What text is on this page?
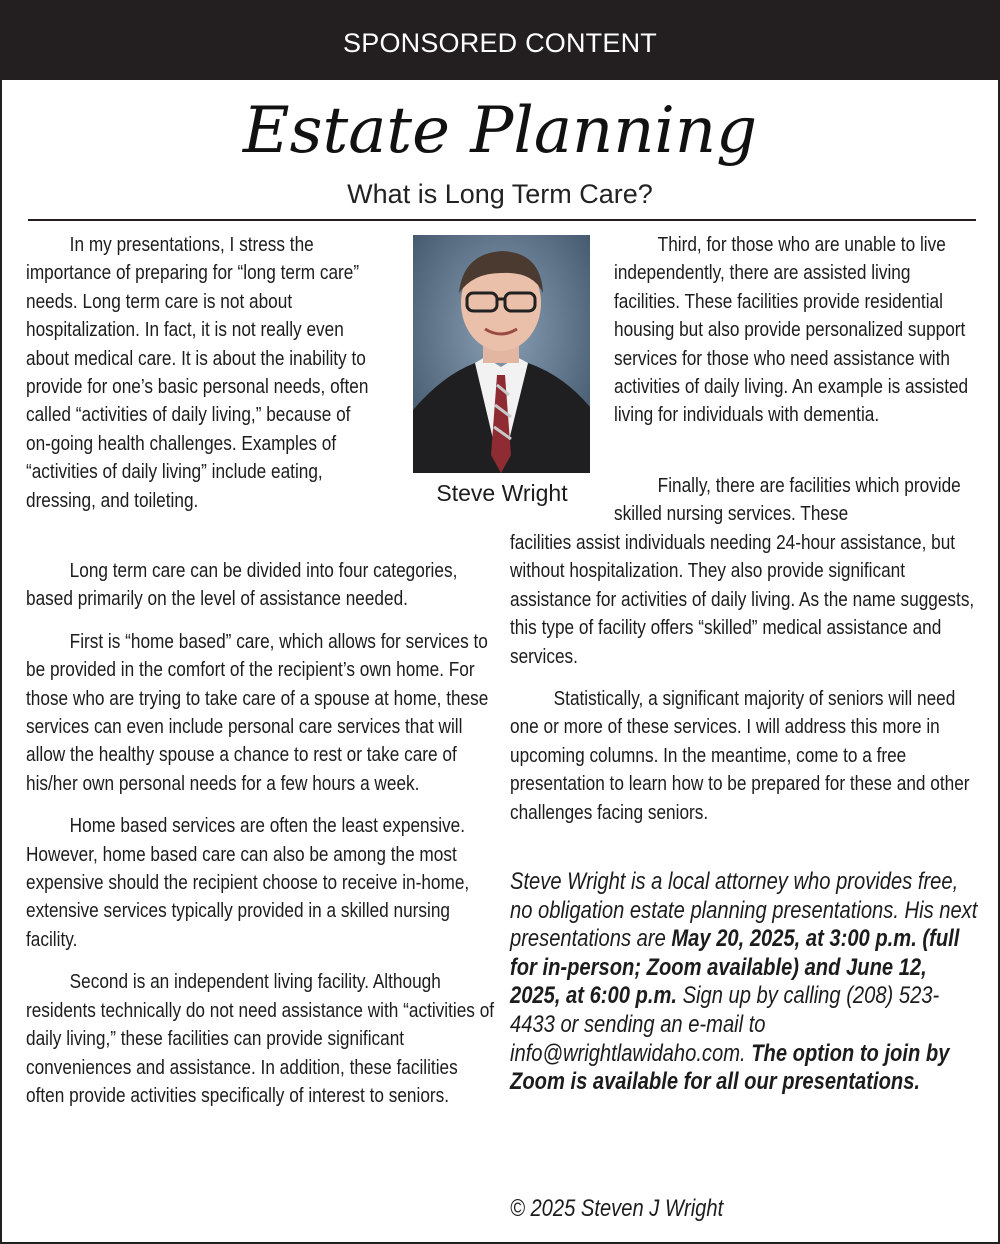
SPONSORED CONTENT
Estate Planning
What is Long Term Care?

In my presentations, I stress the importance of preparing for “long term care” needs. Long term care is not about hospitalization. In fact, it is not really even about medical care. It is about the inability to provide for one’s basic personal needs, often called “activities of daily living,” because of on-going health challenges. Examples of “activities of daily living” include eating, dressing, and toileting.

Long term care can be divided into four categories, based primarily on the level of assistance needed.

First is “home based” care, which allows for services to be provided in the comfort of the recipient’s own home. For those who are trying to take care of a spouse at home, these services can even include personal care services that will allow the healthy spouse a chance to rest or take care of his/her own personal needs for a few hours a week.

Home based services are often the least expensive. However, home based care can also be among the most expensive should the recipient choose to receive in-home, extensive services typically provided in a skilled nursing facility.

Second is an independent living facility. Although residents technically do not need assistance with “activities of daily living,” these facilities can provide significant conveniences and assistance. In addition, these facilities often provide activities specifically of interest to seniors.

Steve Wright

Third, for those who are unable to live independently, there are assisted living facilities. These facilities provide residential housing but also provide personalized support services for those who need assistance with activities of daily living. An example is assisted living for individuals with dementia.

Finally, there are facilities which provide skilled nursing services. These

facilities assist individuals needing 24-hour assistance, but without hospitalization. They also provide significant assistance for activities of daily living. As the name suggests, this type of facility offers “skilled” medical assistance and services.

Statistically, a significant majority of seniors will need one or more of these services. I will address this more in upcoming columns. In the meantime, come to a free presentation to learn how to be prepared for these and other challenges facing seniors.

Steve Wright is a local attorney who provides free, no obligation estate planning presentations. His next presentations are May 20, 2025, at 3:00 p.m. (full for in-person; Zoom available) and June 12, 2025, at 6:00 p.m. Sign up by calling (208) 523-4433 or sending an e-mail to info@wrightlawidaho.com. The option to join by Zoom is available for all our presentations.
© 2025 Steven J Wright
